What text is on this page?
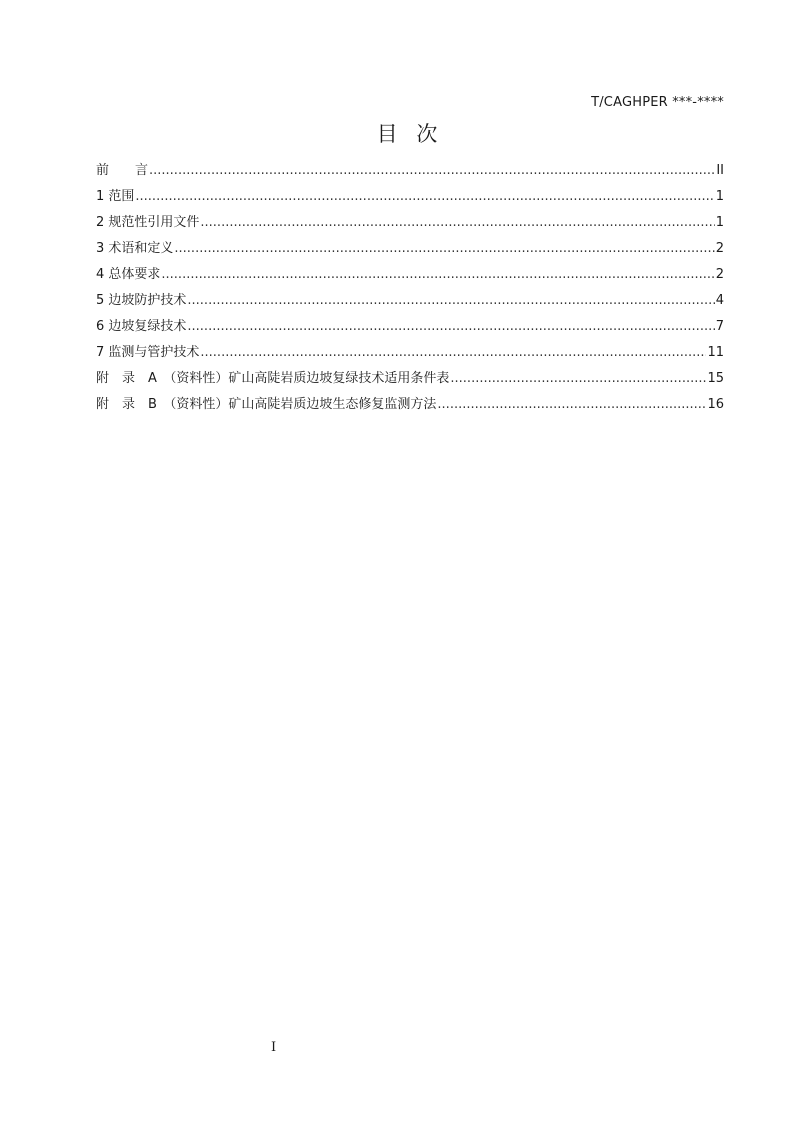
T/CAGHPER ***-****
目 次
前　　言 .....	II
1 范围 .....	1
2 规范性引用文件 .....	1
3 术语和定义 .....	2
4 总体要求 .....	2
5 边坡防护技术 .....	4
6 边坡复绿技术 .....	7
7 监测与管护技术 .....	11
附　录　A　（资料性）矿山高陡岩质边坡复绿技术适用条件表 .....	15
附　录　B　（资料性）矿山高陡岩质边坡生态修复监测方法 .....	16
I
